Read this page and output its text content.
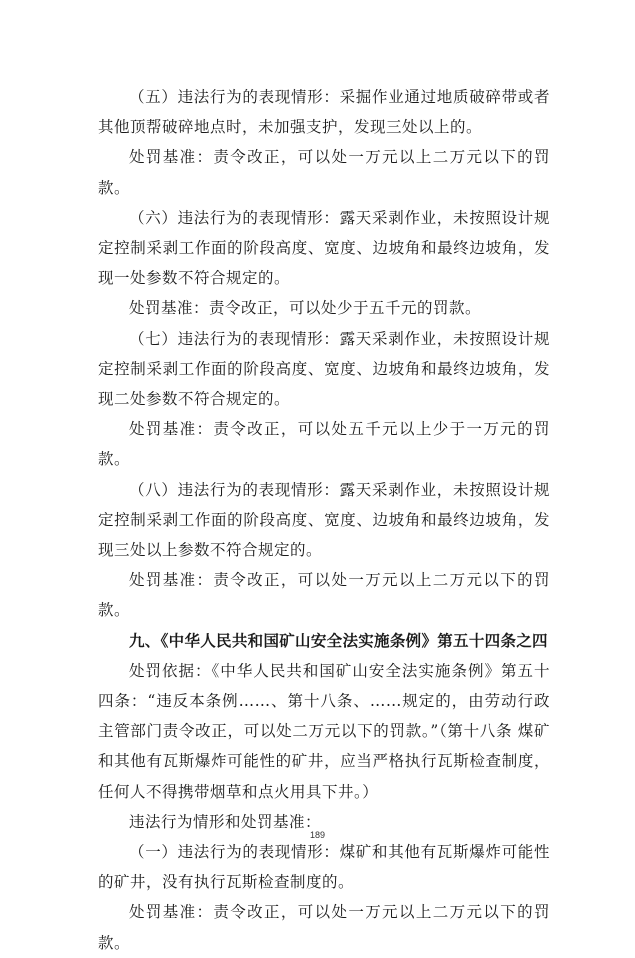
（五）违法行为的表现情形：采掘作业通过地质破碎带或者其他顶帮破碎地点时，未加强支护，发现三处以上的。

处罚基准：责令改正，可以处一万元以上二万元以下的罚款。

（六）违法行为的表现情形：露天采剥作业，未按照设计规定控制采剥工作面的阶段高度、宽度、边坡角和最终边坡角，发现一处参数不符合规定的。

处罚基准：责令改正，可以处少于五千元的罚款。

（七）违法行为的表现情形：露天采剥作业，未按照设计规定控制采剥工作面的阶段高度、宽度、边坡角和最终边坡角，发现二处参数不符合规定的。

处罚基准：责令改正，可以处五千元以上少于一万元的罚款。

（八）违法行为的表现情形：露天采剥作业，未按照设计规定控制采剥工作面的阶段高度、宽度、边坡角和最终边坡角，发现三处以上参数不符合规定的。

处罚基准：责令改正，可以处一万元以上二万元以下的罚款。

九、《中华人民共和国矿山安全法实施条例》第五十四条之四

处罚依据：《中华人民共和国矿山安全法实施条例》第五十四条：“违反本条例……、第十八条、……规定的，由劳动行政主管部门责令改正，可以处二万元以下的罚款。”（第十八条 煤矿和其他有瓦斯爆炸可能性的矿井，应当严格执行瓦斯检查制度，任何人不得携带烟草和点火用具下井。）

违法行为情形和处罚基准：

（一）违法行为的表现情形：煤矿和其他有瓦斯爆炸可能性的矿井，没有执行瓦斯检查制度的。

处罚基准：责令改正，可以处一万元以上二万元以下的罚款。

189
